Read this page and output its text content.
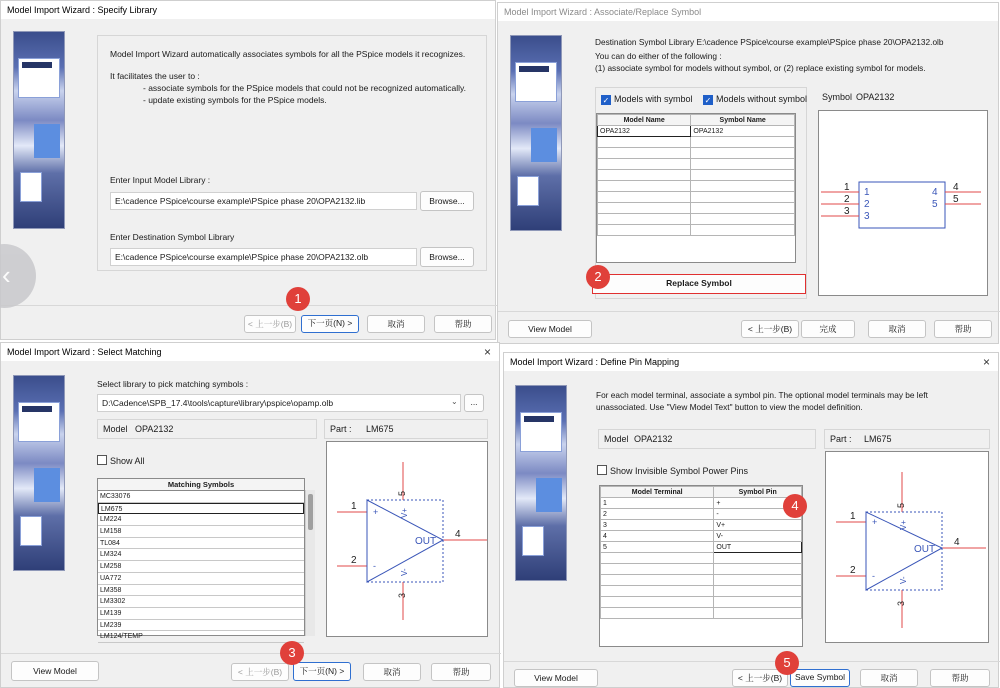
Model Import Wizard : Specify Library
Model Import Wizard automatically associates symbols for all the PSpice models it recognizes.
It facilitates the user to :
- associate symbols for the PSpice models that could not be recognized automatically.
- update existing symbols for the PSpice models.
Enter Input Model Library :
E:\cadence PSpice\course example\PSpice phase 20\OPA2132.lib	Browse...
Enter Destination Symbol Library
E:\cadence PSpice\course example\PSpice phase 20\OPA2132.olb	Browse...
< 上一步(B)	下一页(N) >	取消	帮助
1
‹
Model Import Wizard : Associate/Replace Symbol
Destination Symbol Library E:\cadence PSpice\course example\PSpice phase 20\OPA2132.olb
You can do either of the following :
(1) associate symbol for models without symbol, or (2) replace existing symbol for models.
✓ Models with symbol ✓ Models without symbol
Model Name	Symbol Name
OPA2132	OPA2132

Replace Symbol
2
Symbol OPA2132
1
2
3
1
2
3
4
5
4
5
View Model	< 上一步(B)	完成	取消	帮助
Model Import Wizard : Select Matching	×
Select library to pick matching symbols :
D:\Cadence\SPB_17.4\tools\capture\library\pspice\opamp.olb	⌄	...
Model OPA2132
Show All
Matching Symbols
MC33076
LM675
LM224
LM158
TL084
LM324
LM258
UA772
LM358
LM3302
LM139
LM239
LM124/TEMP
Part : LM675
1
2
4
5
3
+
-
OUT
V+
V-
View Model	< 上一步(B)	下一页(N) >	取消	帮助
3
Model Import Wizard : Define Pin Mapping	×
For each model terminal, associate a symbol pin. The optional model terminals may be left
unassociated. Use "View Model Text" button to view the model definition.
Model OPA2132
Show Invisible Symbol Power Pins
Model Terminal	Symbol Pin
1	+
2	-
3	V+
4	V-
5	OUT

4
Part : LM675
1
2
4
5
3
+
-
OUT
V+
V-
View Model	< 上一步(B)	Save Symbol	取消	帮助
5
